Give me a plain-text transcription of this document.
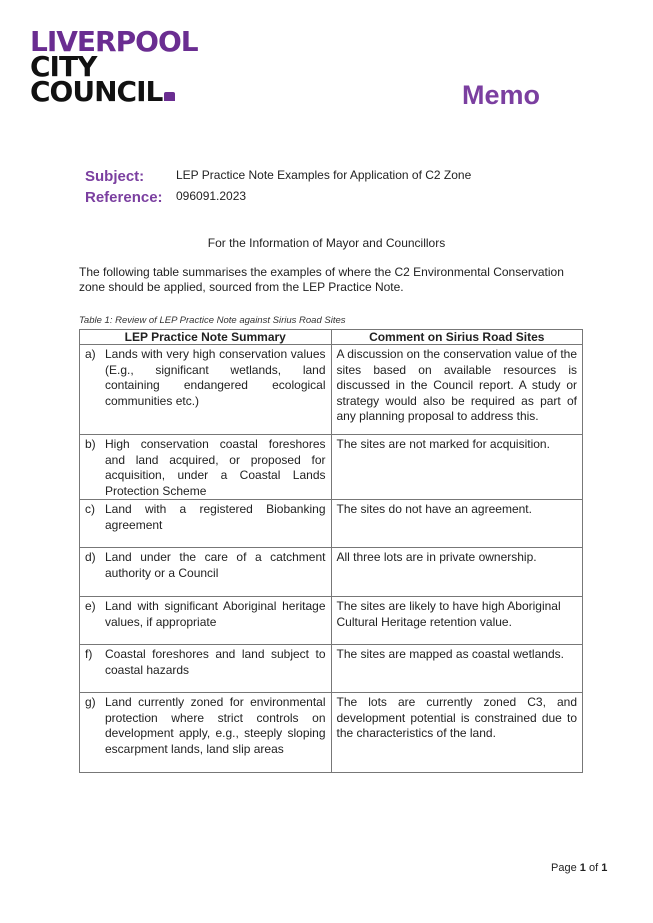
LIVERPOOL
CITY
COUNCIL	Memo
Subject:	LEP Practice Note Examples for Application of C2 Zone
Reference: 096091.2023
For the Information of Mayor and Councillors
The following table summarises the examples of where the C2 Environmental Conservation zone should be applied, sourced from the LEP Practice Note.
Table 1: Review of LEP Practice Note against Sirius Road Sites
LEP Practice Note Summary	Comment on Sirius Road Sites

a) Lands with very high conservation values (E.g., significant wetlands, land containing endangered ecological communities etc.)	A discussion on the conservation value of the sites based on available resources is discussed in the Council report. A study or strategy would also be required as part of any planning proposal to address this.

b) High conservation coastal foreshores and land acquired, or proposed for acquisition, under a Coastal Lands Protection Scheme	The sites are not marked for acquisition.

c) Land with a registered Biobanking agreement	The sites do not have an agreement.

d) Land under the care of a catchment authority or a Council	All three lots are in private ownership.

e) Land with significant Aboriginal heritage values, if appropriate	The sites are likely to have high Aboriginal Cultural Heritage retention value.

f) Coastal foreshores and land subject to coastal hazards	The sites are mapped as coastal wetlands.

g) Land currently zoned for environmental protection where strict controls on development apply, e.g., steeply sloping escarpment lands, land slip areas	The lots are currently zoned C3, and development potential is constrained due to the characteristics of the land.
Page 1 of 1
